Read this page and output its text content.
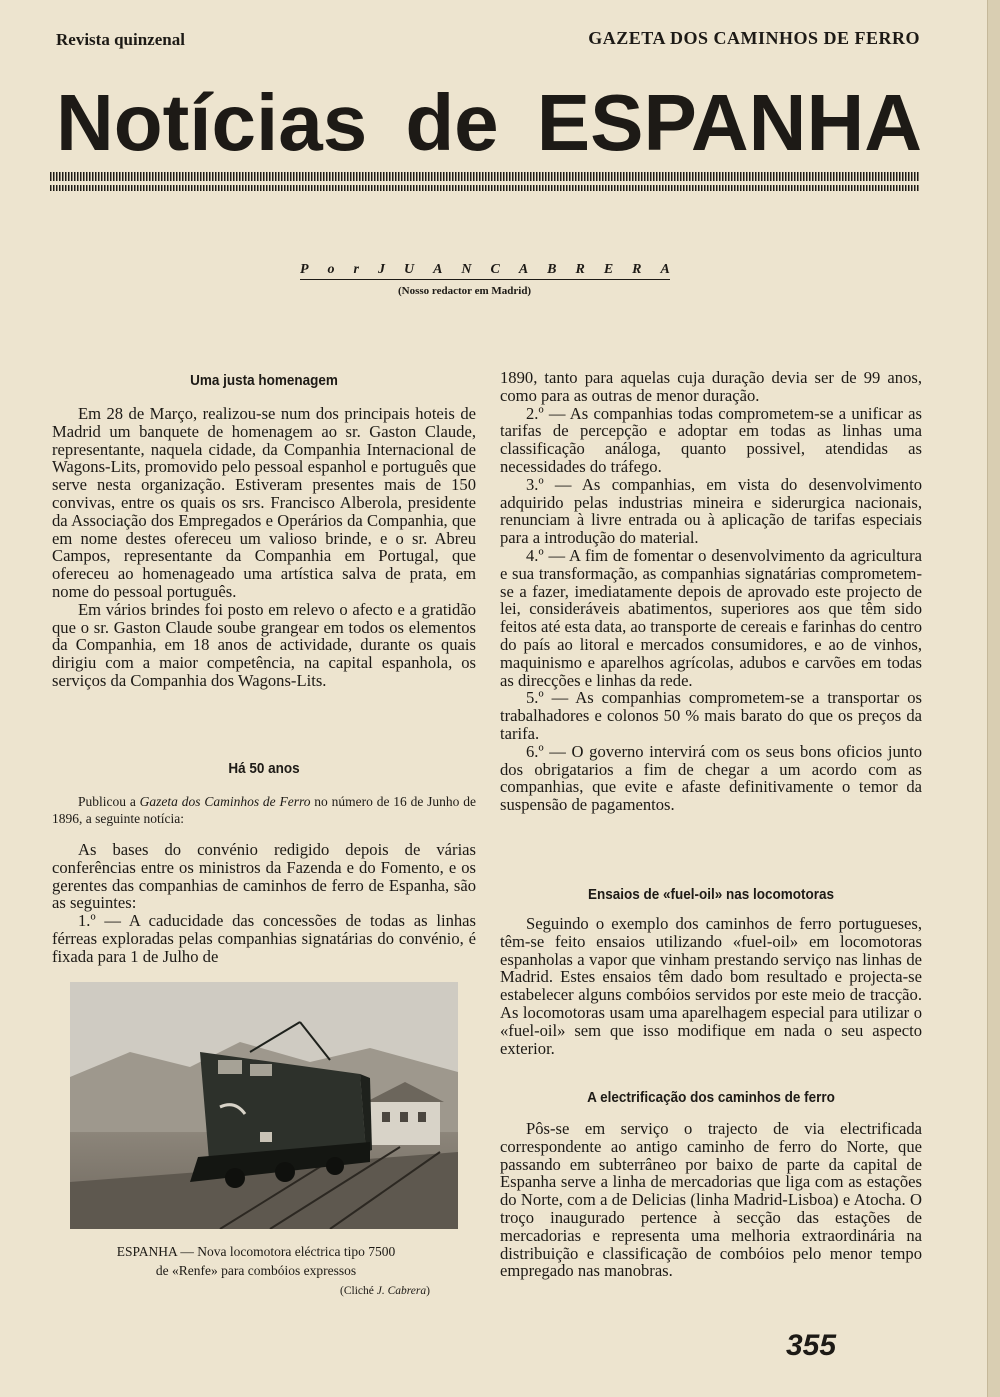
Revista quinzenal	GAZETA DOS CAMINHOS DE FERRO
Notícias de ESPANHA
P o r J U A N C A B R E R A
(Nosso redactor em Madrid)

Uma justa homenagem

Em 28 de Março, realizou-se num dos principais hoteis de Madrid um banquete de homenagem ao sr. Gaston Claude, representante, naquela cidade, da Companhia Internacional de Wagons-Lits, promovido pelo pessoal espanhol e português que serve nesta organização. Estiveram presentes mais de 150 convivas, entre os quais os srs. Francisco Alberola, presidente da Associação dos Empregados e Operários da Companhia, que em nome destes ofereceu um valioso brinde, e o sr. Abreu Campos, representante da Companhia em Portugal, que ofereceu ao homenageado uma artística salva de prata, em nome do pessoal português.

Em vários brindes foi posto em relevo o afecto e a gratidão que o sr. Gaston Claude soube grangear em todos os elementos da Companhia, em 18 anos de actividade, durante os quais dirigiu com a maior competência, na capital espanhola, os serviços da Companhia dos Wagons-Lits.

Há 50 anos

Publicou a Gazeta dos Caminhos de Ferro no número de 16 de Junho de 1896, a seguinte notícia:

As bases do convénio redigido depois de várias conferências entre os ministros da Fazenda e do Fomento, e os gerentes das companhias de caminhos de ferro de Espanha, são as seguintes:

1.º — A caducidade das concessões de todas as linhas férreas exploradas pelas companhias signatárias do convénio, é fixada para 1 de Julho de

ESPANHA — Nova locomotora eléctrica tipo 7500
de «Renfe» para combóios expressos
(Cliché J. Cabrera)

1890, tanto para aquelas cuja duração devia ser de 99 anos, como para as outras de menor duração.

2.º — As companhias todas comprometem-se a unificar as tarifas de percepção e adoptar em todas as linhas uma classificação análoga, quanto possivel, atendidas as necessidades do tráfego.

3.º — As companhias, em vista do desenvolvimento adquirido pelas industrias mineira e siderurgica nacionais, renunciam à livre entrada ou à aplicação de tarifas especiais para a introdução do material.

4.º — A fim de fomentar o desenvolvimento da agricultura e sua transformação, as companhias signatárias comprometem-se a fazer, imediatamente depois de aprovado este projecto de lei, consideráveis abatimentos, superiores aos que têm sido feitos até esta data, ao transporte de cereais e farinhas do centro do país ao litoral e mercados consumidores, e ao de vinhos, maquinismo e aparelhos agrícolas, adubos e carvões em todas as direcções e linhas da rede.

5.º — As companhias comprometem-se a transportar os trabalhadores e colonos 50 % mais barato do que os preços da tarifa.

6.º — O governo intervirá com os seus bons oficios junto dos obrigatarios a fim de chegar a um acordo com as companhias, que evite e afaste definitivamente o temor da suspensão de pagamentos.

Ensaios de «fuel-oil» nas locomotoras

Seguindo o exemplo dos caminhos de ferro portugueses, têm-se feito ensaios utilizando «fuel-oil» em locomotoras espanholas a vapor que vinham prestando serviço nas linhas de Madrid. Estes ensaios têm dado bom resultado e projecta-se estabelecer alguns combóios servidos por este meio de tracção. As locomotoras usam uma aparelhagem especial para utilizar o «fuel-oil» sem que isso modifique em nada o seu aspecto exterior.

A electrificação dos caminhos de ferro

Pôs-se em serviço o trajecto de via electrificada correspondente ao antigo caminho de ferro do Norte, que passando em subterrâneo por baixo de parte da capital de Espanha serve a linha de mercadorias que liga com as estações do Norte, com a de Delicias (linha Madrid-Lisboa) e Atocha. O troço inaugurado pertence à secção das estações de mercadorias e representa uma melhoria extraordinária na distribuição e classificação de combóios pelo menor tempo empregado nas manobras.

355
